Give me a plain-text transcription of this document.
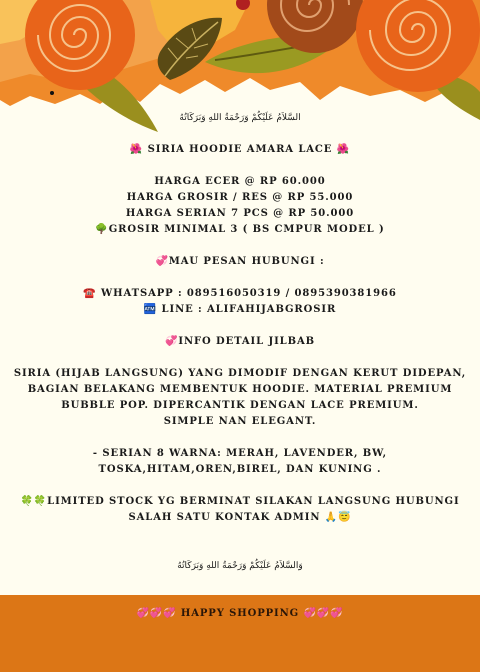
السَّلاَمُ عَلَيْكُمْ وَرَحْمَةُ اللهِ وَبَرَكَاتُهُ
🌺 SIRIA HOODIE AMARA LACE 🌺
HARGA ECER @ RP 60.000
HARGA GROSIR / RES @ RP 55.000
HARGA SERIAN 7 PCS @ RP 50.000
🌳GROSIR MINIMAL 3 ( BS CMPUR MODEL )
💞MAU PESAN HUBUNGI :
☎️ WHATSAPP : 089516050319 / 0895390381966
🏧 LINE : ALIFAHIJABGROSIR
💞INFO DETAIL JILBAB
SIRIA (HIJAB LANGSUNG) YANG DIMODIF DENGAN KERUT DIDEPAN,
BAGIAN BELAKANG MEMBENTUK HOODIE. MATERIAL PREMIUM
BUBBLE POP. DIPERCANTIK DENGAN LACE PREMIUM.
SIMPLE NAN ELEGANT.
- SERIAN 8 WARNA: MERAH, LAVENDER, BW,
TOSKA,HITAM,OREN,BIREL, DAN KUNING .
🍀🍀LIMITED STOCK YG BERMINAT SILAKAN LANGSUNG HUBUNGI
SALAH SATU KONTAK ADMIN 🙏😇
وَالسَّلاَمُ عَلَيْكُمْ وَرَحْمَةُ اللهِ وَبَرَكَاتُهُ
💞💞💞 HAPPY SHOPPING 💞💞💞
